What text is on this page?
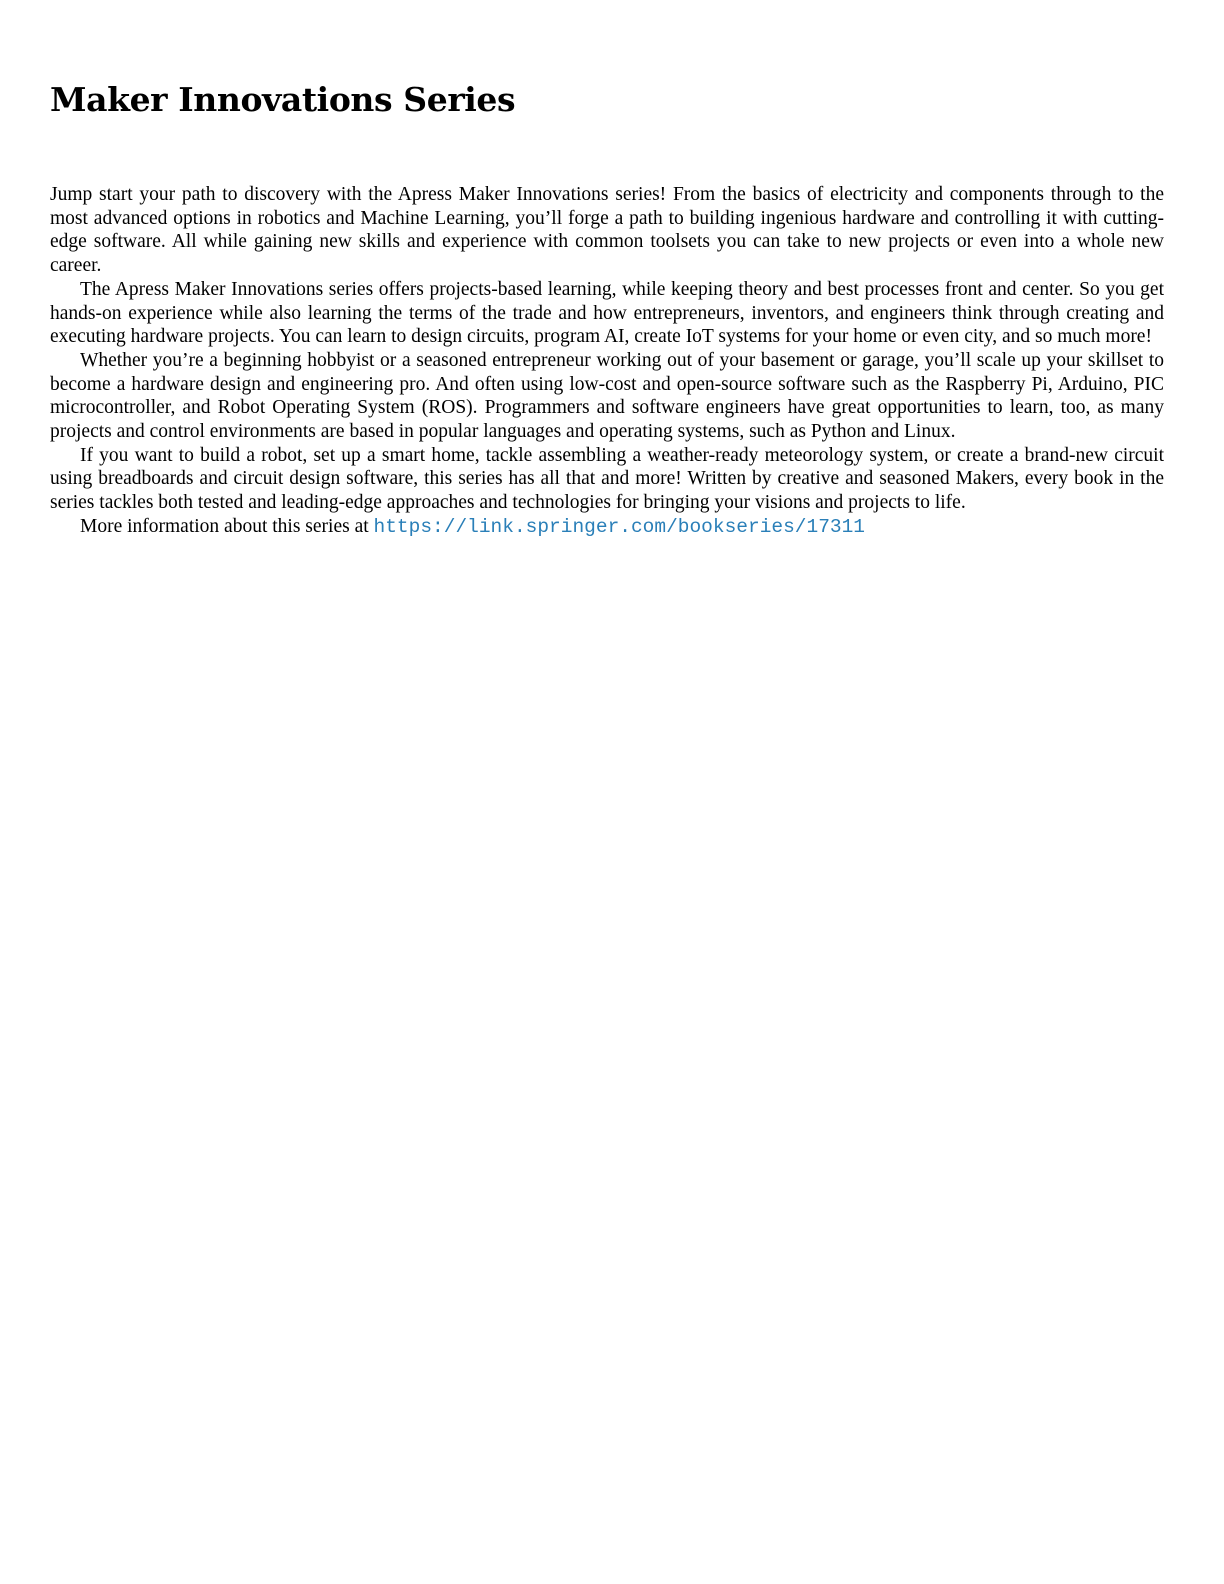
Maker Innovations Series

Jump start your path to discovery with the Apress Maker Innovations series! From the basics of electricity and components through to the most advanced options in robotics and Machine Learning, you’ll forge a path to building ingenious hardware and controlling it with cutting-edge software. All while gaining new skills and experience with common toolsets you can take to new projects or even into a whole new career.

The Apress Maker Innovations series offers projects-based learning, while keeping theory and best processes front and center. So you get hands-on experience while also learning the terms of the trade and how entrepreneurs, inventors, and engineers think through creating and executing hardware projects. You can learn to design circuits, program AI, create IoT systems for your home or even city, and so much more!

Whether you’re a beginning hobbyist or a seasoned entrepreneur working out of your basement or garage, you’ll scale up your skillset to become a hardware design and engineering pro. And often using low-cost and open-source software such as the Raspberry Pi, Arduino, PIC microcontroller, and Robot Operating System (ROS). Programmers and software engineers have great opportunities to learn, too, as many projects and control environments are based in popular languages and operating systems, such as Python and Linux.

If you want to build a robot, set up a smart home, tackle assembling a weather-ready meteorology system, or create a brand-new circuit using breadboards and circuit design software, this series has all that and more! Written by creative and seasoned Makers, every book in the series tackles both tested and leading-edge approaches and technologies for bringing your visions and projects to life.

More information about this series at https://link.springer.com/bookseries/17311
